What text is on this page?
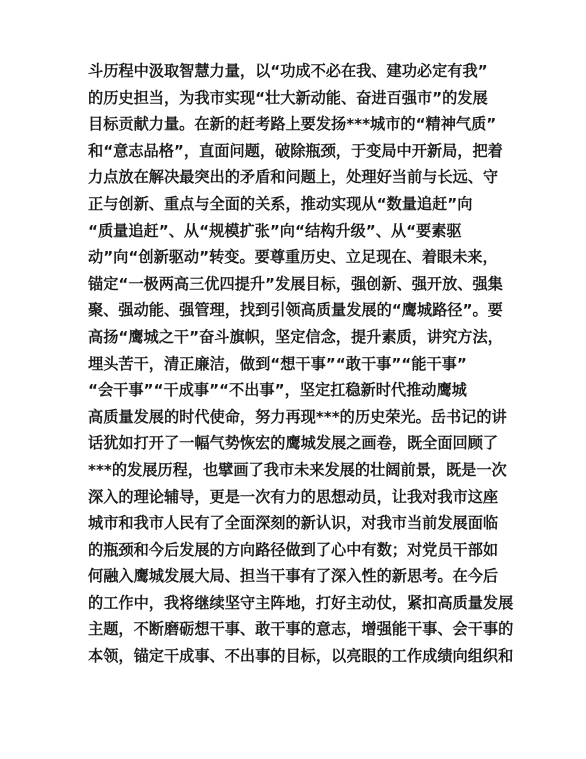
斗历程中汲取智慧力量，以“功成不必在我、建功必定有我”
的历史担当，为我市实现“壮大新动能、奋进百强市”的发展
目标贡献力量。在新的赶考路上要发扬***城市的“精神气质”
和“意志品格”，直面问题，破除瓶颈，于变局中开新局，把着
力点放在解决最突出的矛盾和问题上，处理好当前与长远、守
正与创新、重点与全面的关系，推动实现从“数量追赶”向
“质量追赶”、从“规模扩张”向“结构升级”、从“要素驱
动”向“创新驱动”转变。要尊重历史、立足现在、着眼未来，
锚定“一极两高三优四提升”发展目标，强创新、强开放、强集
聚、强动能、强管理，找到引领高质量发展的“鹰城路径”。要
高扬“鹰城之干”奋斗旗帜，坚定信念，提升素质，讲究方法，
埋头苦干，清正廉洁，做到“想干事”“敢干事”“能干事”
“会干事”“干成事”“不出事”，坚定扛稳新时代推动鹰城
高质量发展的时代使命，努力再现***的历史荣光。岳书记的讲
话犹如打开了一幅气势恢宏的鹰城发展之画卷，既全面回顾了
***的发展历程，也擘画了我市未来发展的壮阔前景，既是一次
深入的理论辅导，更是一次有力的思想动员，让我对我市这座
城市和我市人民有了全面深刻的新认识，对我市当前发展面临
的瓶颈和今后发展的方向路径做到了心中有数；对党员干部如
何融入鹰城发展大局、担当干事有了深入性的新思考。在今后
的工作中，我将继续坚守主阵地，打好主动仗，紧扣高质量发展
主题，不断磨砺想干事、敢干事的意志，增强能干事、会干事的
本领，锚定干成事、不出事的目标，以亮眼的工作成绩向组织和
